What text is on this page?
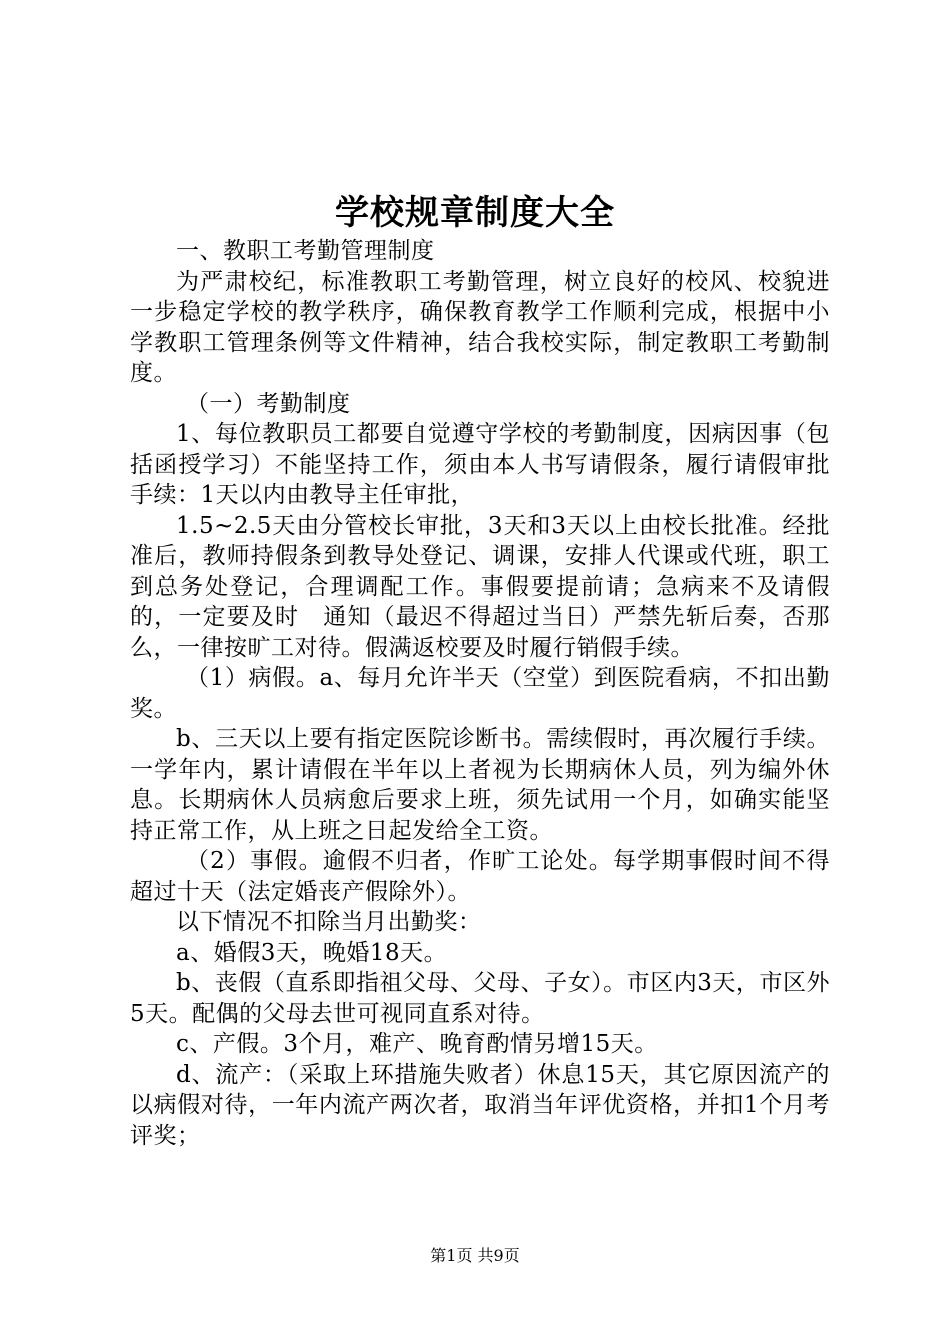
学校规章制度大全

一、教职工考勤管理制度

为严肃校纪，标准教职工考勤管理，树立良好的校风、校貌进一步稳定学校的教学秩序，确保教育教学工作顺利完成，根据中小学教职工管理条例等文件精神，结合我校实际，制定教职工考勤制度。

（一）考勤制度

1、每位教职员工都要自觉遵守学校的考勤制度，因病因事（包括函授学习）不能坚持工作，须由本人书写请假条，履行请假审批手续：1天以内由教导主任审批，

1.5~2.5天由分管校长审批，3天和3天以上由校长批准。经批准后，教师持假条到教导处登记、调课，安排人代课或代班，职工到总务处登记，合理调配工作。事假要提前请；急病来不及请假的，一定要及时　通知（最迟不得超过当日）严禁先斩后奏，否那么，一律按旷工对待。假满返校要及时履行销假手续。

（1）病假。a、每月允许半天（空堂）到医院看病，不扣出勤奖。

b、三天以上要有指定医院诊断书。需续假时，再次履行手续。一学年内，累计请假在半年以上者视为长期病休人员，列为编外休息。长期病休人员病愈后要求上班，须先试用一个月，如确实能坚持正常工作，从上班之日起发给全工资。

（2）事假。逾假不归者，作旷工论处。每学期事假时间不得超过十天（法定婚丧产假除外）。

以下情况不扣除当月出勤奖：

a、婚假3天，晚婚18天。

b、丧假（直系即指祖父母、父母、子女）。市区内3天，市区外5天。配偶的父母去世可视同直系对待。

c、产假。3个月，难产、晚育酌情另增15天。

d、流产：（采取上环措施失败者）休息15天，其它原因流产的以病假对待，一年内流产两次者，取消当年评优资格，并扣1个月考评奖；

第1页 共9页
